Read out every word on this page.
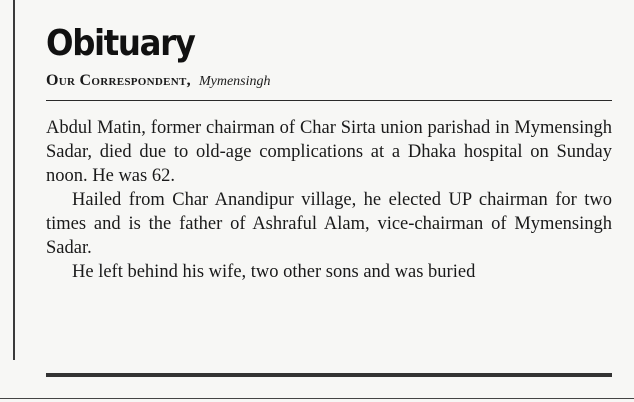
Obituary
Our Correspondent, Mymensingh

Abdul Matin, former chairman of Char Sirta union parishad in Mymensingh Sadar, died due to old-age complications at a Dhaka hospital on Sunday noon. He was 62.

Hailed from Char Anandipur village, he elected UP chairman for two times and is the father of Ashraful Alam, vice-chairman of Mymensingh Sadar.

He left behind his wife, two other sons and was buried
